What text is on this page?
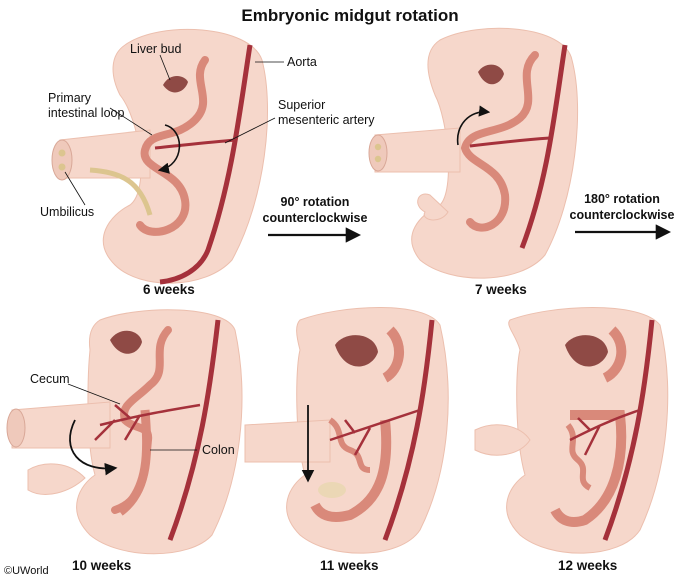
Embryonic midgut rotation
Liver bud
Aorta
Primary
intestinal loop
Superior
mesenteric artery
Umbilicus
90° rotation
counterclockwise
180° rotation
counterclockwise
6 weeks	7 weeks
Cecum
Colon
10 weeks	11 weeks	12 weeks
©UWorld
